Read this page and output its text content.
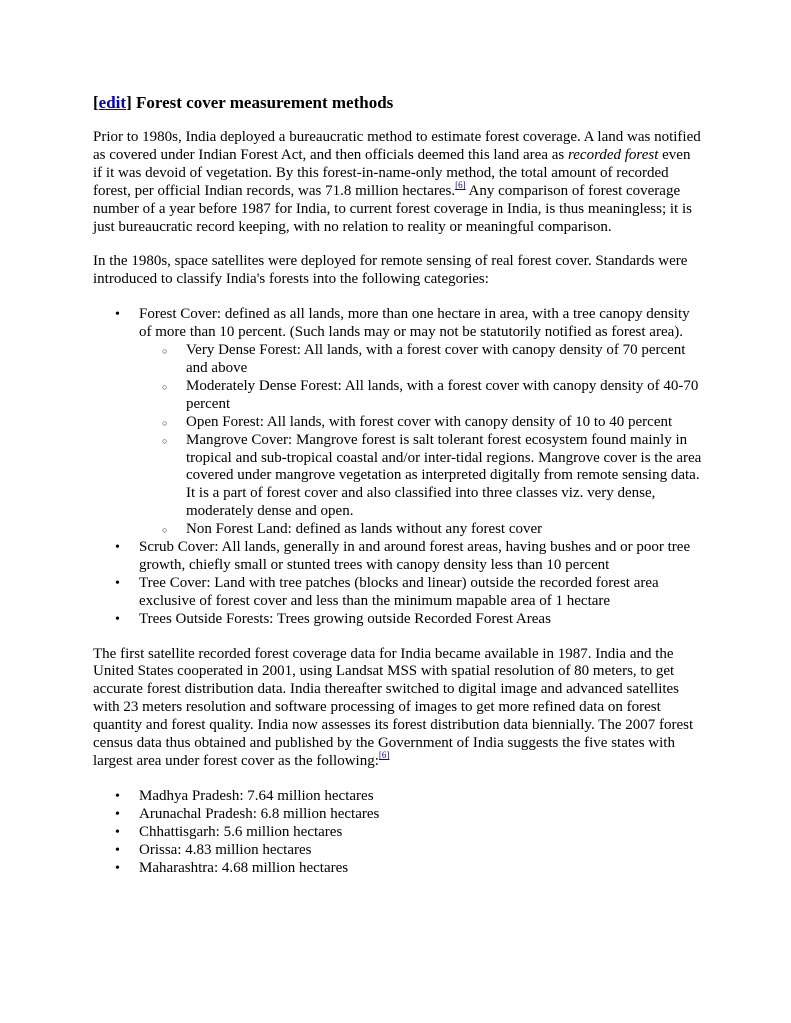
[edit] Forest cover measurement methods

Prior to 1980s, India deployed a bureaucratic method to estimate forest coverage. A land was notified as covered under Indian Forest Act, and then officials deemed this land area as recorded forest even if it was devoid of vegetation. By this forest-in-name-only method, the total amount of recorded forest, per official Indian records, was 71.8 million hectares.[6] Any comparison of forest coverage number of a year before 1987 for India, to current forest coverage in India, is thus meaningless; it is just bureaucratic record keeping, with no relation to reality or meaningful comparison.

In the 1980s, space satellites were deployed for remote sensing of real forest cover. Standards were introduced to classify India's forests into the following categories:

• Forest Cover: defined as all lands, more than one hectare in area, with a tree canopy density of more than 10 percent. (Such lands may or may not be statutorily notified as forest area).
○ Very Dense Forest: All lands, with a forest cover with canopy density of 70 percent and above
○ Moderately Dense Forest: All lands, with a forest cover with canopy density of 40-70 percent
○ Open Forest: All lands, with forest cover with canopy density of 10 to 40 percent
○ Mangrove Cover: Mangrove forest is salt tolerant forest ecosystem found mainly in tropical and sub-tropical coastal and/or inter-tidal regions. Mangrove cover is the area covered under mangrove vegetation as interpreted digitally from remote sensing data. It is a part of forest cover and also classified into three classes viz. very dense, moderately dense and open.
○ Non Forest Land: defined as lands without any forest cover
• Scrub Cover: All lands, generally in and around forest areas, having bushes and or poor tree growth, chiefly small or stunted trees with canopy density less than 10 percent
• Tree Cover: Land with tree patches (blocks and linear) outside the recorded forest area exclusive of forest cover and less than the minimum mapable area of 1 hectare
• Trees Outside Forests: Trees growing outside Recorded Forest Areas

The first satellite recorded forest coverage data for India became available in 1987. India and the United States cooperated in 2001, using Landsat MSS with spatial resolution of 80 meters, to get accurate forest distribution data. India thereafter switched to digital image and advanced satellites with 23 meters resolution and software processing of images to get more refined data on forest quantity and forest quality. India now assesses its forest distribution data biennially. The 2007 forest census data thus obtained and published by the Government of India suggests the five states with largest area under forest cover as the following:[6]

• Madhya Pradesh: 7.64 million hectares
• Arunachal Pradesh: 6.8 million hectares
• Chhattisgarh: 5.6 million hectares
• Orissa: 4.83 million hectares
• Maharashtra: 4.68 million hectares
